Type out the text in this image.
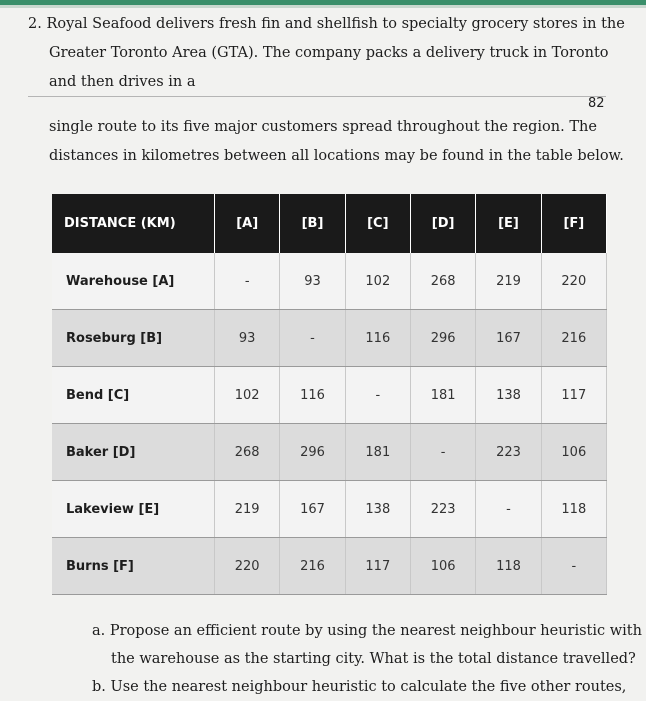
2. Royal Seafood delivers fresh fin and shellfish to specialty grocery stores in the
Greater Toronto Area (GTA). The company packs a delivery truck in Toronto
and then drives in a
82
single route to its five major customers spread throughout the region. The
distances in kilometres between all locations may be found in the table below.
DISTANCE (KM)	[A]	[B]	[C]	[D]	[E]	[F]
Warehouse [A]	-	93	102	268	219	220
Roseburg [B]	93	-	116	296	167	216
Bend [C]	102	116	-	181	138	117
Baker [D]	268	296	181	-	223	106
Lakeview [E]	219	167	138	223	-	118
Burns [F]	220	216	117	106	118	-
a. Propose an efficient route by using the nearest neighbour heuristic with
the warehouse as the starting city. What is the total distance travelled?
b. Use the nearest neighbour heuristic to calculate the five other routes,
